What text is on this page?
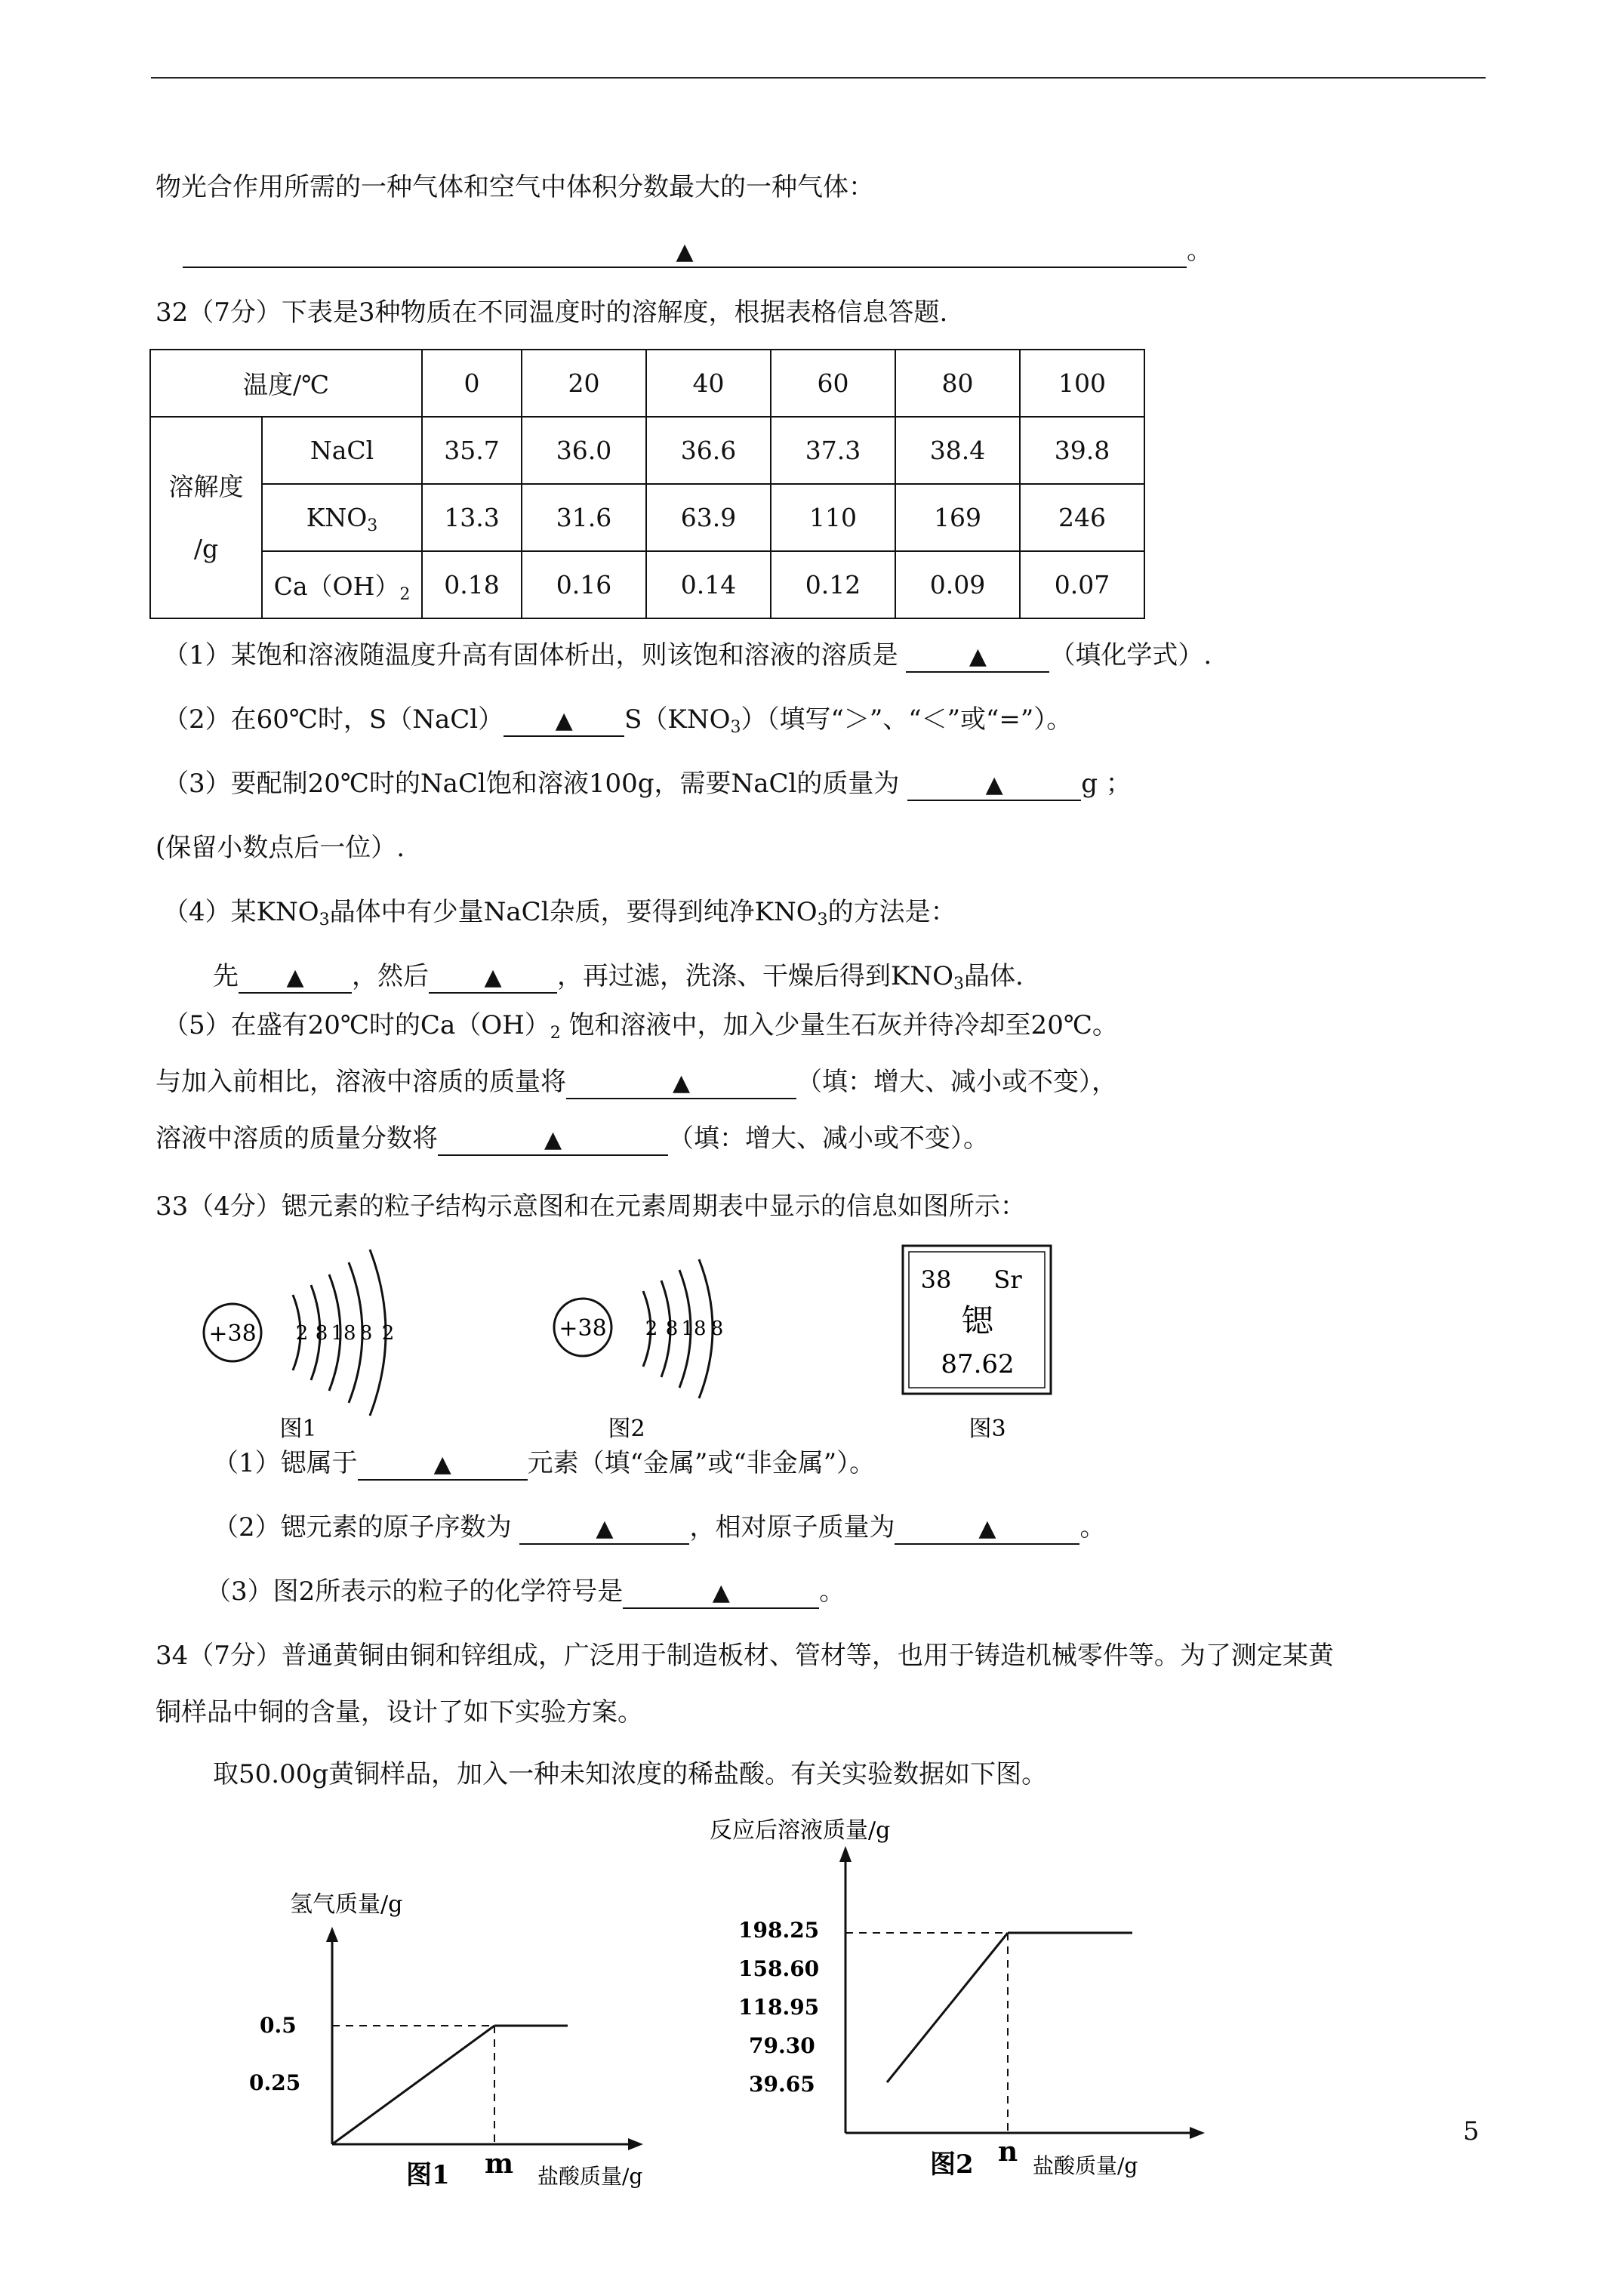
物光合作用所需的一种气体和空气中体积分数最大的一种气体：
▲	。
32（7分）下表是3种物质在不同温度时的溶解度，根据表格信息答题.
温度/℃		0	20	40	60	80	100

溶解度
/g	NaCl	35.7	36.0	36.6	37.3	38.4	39.8
	$KNO_3$	13.3	31.6	63.9	110	169	246
	$Ca(OH)_2$	0.18	0.16	0.14	0.12	0.09	0.07
（1）某饱和溶液随温度升高有固体析出，则该饱和溶液的溶质是	▲ （填化学式）.
（2）在60℃时，S（NaCl） ▲ $S(KNO_3)$（填写“＞”、“＜”或“=”）。
（3）要配制20℃时的NaCl饱和溶液100g，需要NaCl的质量为	▲	g ；
(保留小数点后一位）.
（4）某$KNO_3$晶体中有少量NaCl杂质，要得到纯净$KNO_3$的方法是：
先 ▲ ，然后 ▲ ，再过滤，洗涤、干燥后得到$KNO_3$晶体.
（5）在盛有20℃时的$Ca(OH)_2$ 饱和溶液中，加入少量生石灰并待冷却至20℃。
与加入前相比，溶液中溶质的质量将	▲	（填：增大、减小或不变），
溶液中溶质的质量分数将	▲	（填：增大、减小或不变）。
33（4分）锶元素的粒子结构示意图和在元素周期表中显示的信息如图所示：
+38 2 8 18 8 2
图1
+38 2 8 18 8
图2
38 Sr
锶
87.62
图3
（1）锶属于	▲	元素（填“金属”或“非金属”）。
（2）锶元素的原子序数为	▲	，相对原子质量为	▲	。
（3）图2所表示的粒子的化学符号是	▲	。
34（7分）普通黄铜由铜和锌组成，广泛用于制造板材、管材等，也用于铸造机械零件等。为了测定某黄
铜样品中铜的含量，设计了如下实验方案。
取50.00g黄铜样品，加入一种未知浓度的稀盐酸。有关实验数据如下图。
氢气质量/g
0.5
0.25
m
图1	盐酸质量/g
反应后溶液质量/g
198.25
158.60
118.95
79.30
39.65
n
图2	盐酸质量/g
5
